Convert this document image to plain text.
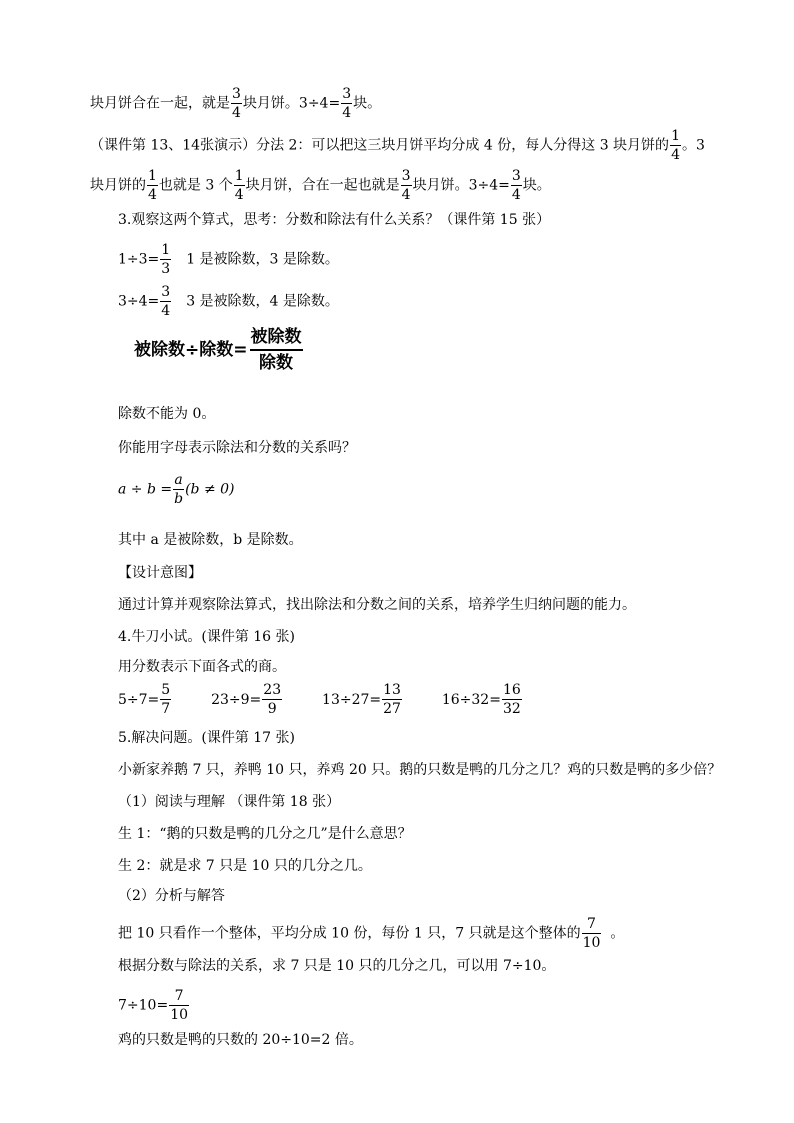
块月饼合在一起，就是 $\frac{3}{4}$ 块月饼。$3\div 4= \frac{3}{4}$ 块。
（课件第 13、14张演示）分法 2：可以把这三块月饼平均分成 4 份，每人分得这 3 块月饼的 $\frac{1}{4}$ 。3
块月饼的 $\frac{1}{4}$ 也就是 3 个 $\frac{1}{4}$ 块月饼，合在一起也就是 $\frac{3}{4}$ 块月饼。$3\div 4= \frac{3}{4}$ 块。
3.观察这两个算式，思考：分数和除法有什么关系？（课件第 15 张）
$1\div 3= \frac{1}{3} 1$ 是被除数，3 是除数。
$3\div 4= \frac{3}{4} 3$ 是被除数，4 是除数。
被除数÷除数= $\frac{\text{被除数}}{\text{除数}}$
除数不能为 0。
你能用字母表示除法和分数的关系吗？
$a \div b = \frac{a}{b} (b \ne 0)$
其中 a 是被除数，b 是除数。
【设计意图】
通过计算并观察除法算式，找出除法和分数之间的关系，培养学生归纳问题的能力。
4.牛刀小试。(课件第 16 张)
用分数表示下面各式的商。
$5\div 7= \frac{5}{7}$	$23\div 9= \frac{23}{9}$	$13\div 27= \frac{13}{27}$	$16\div 32= \frac{16}{32}$
5.解决问题。(课件第 17 张)
小新家养鹅 7 只，养鸭 10 只，养鸡 20 只。鹅的只数是鸭的几分之几？鸡的只数是鸭的多少倍？
（1）阅读与理解 （课件第 18 张）
生 1：“鹅的只数是鸭的几分之几”是什么意思？
生 2：就是求 7 只是 10 只的几分之几。
（2）分析与解答
把 10 只看作一个整体，平均分成 10 份，每份 1 只，7 只就是这个整体的 $\frac{7}{10}$ 。
根据分数与除法的关系，求 7 只是 10 只的几分之几，可以用 7÷10。
$7\div 10= \frac{7}{10}$
鸡的只数是鸭的只数的 20÷10=2 倍。
